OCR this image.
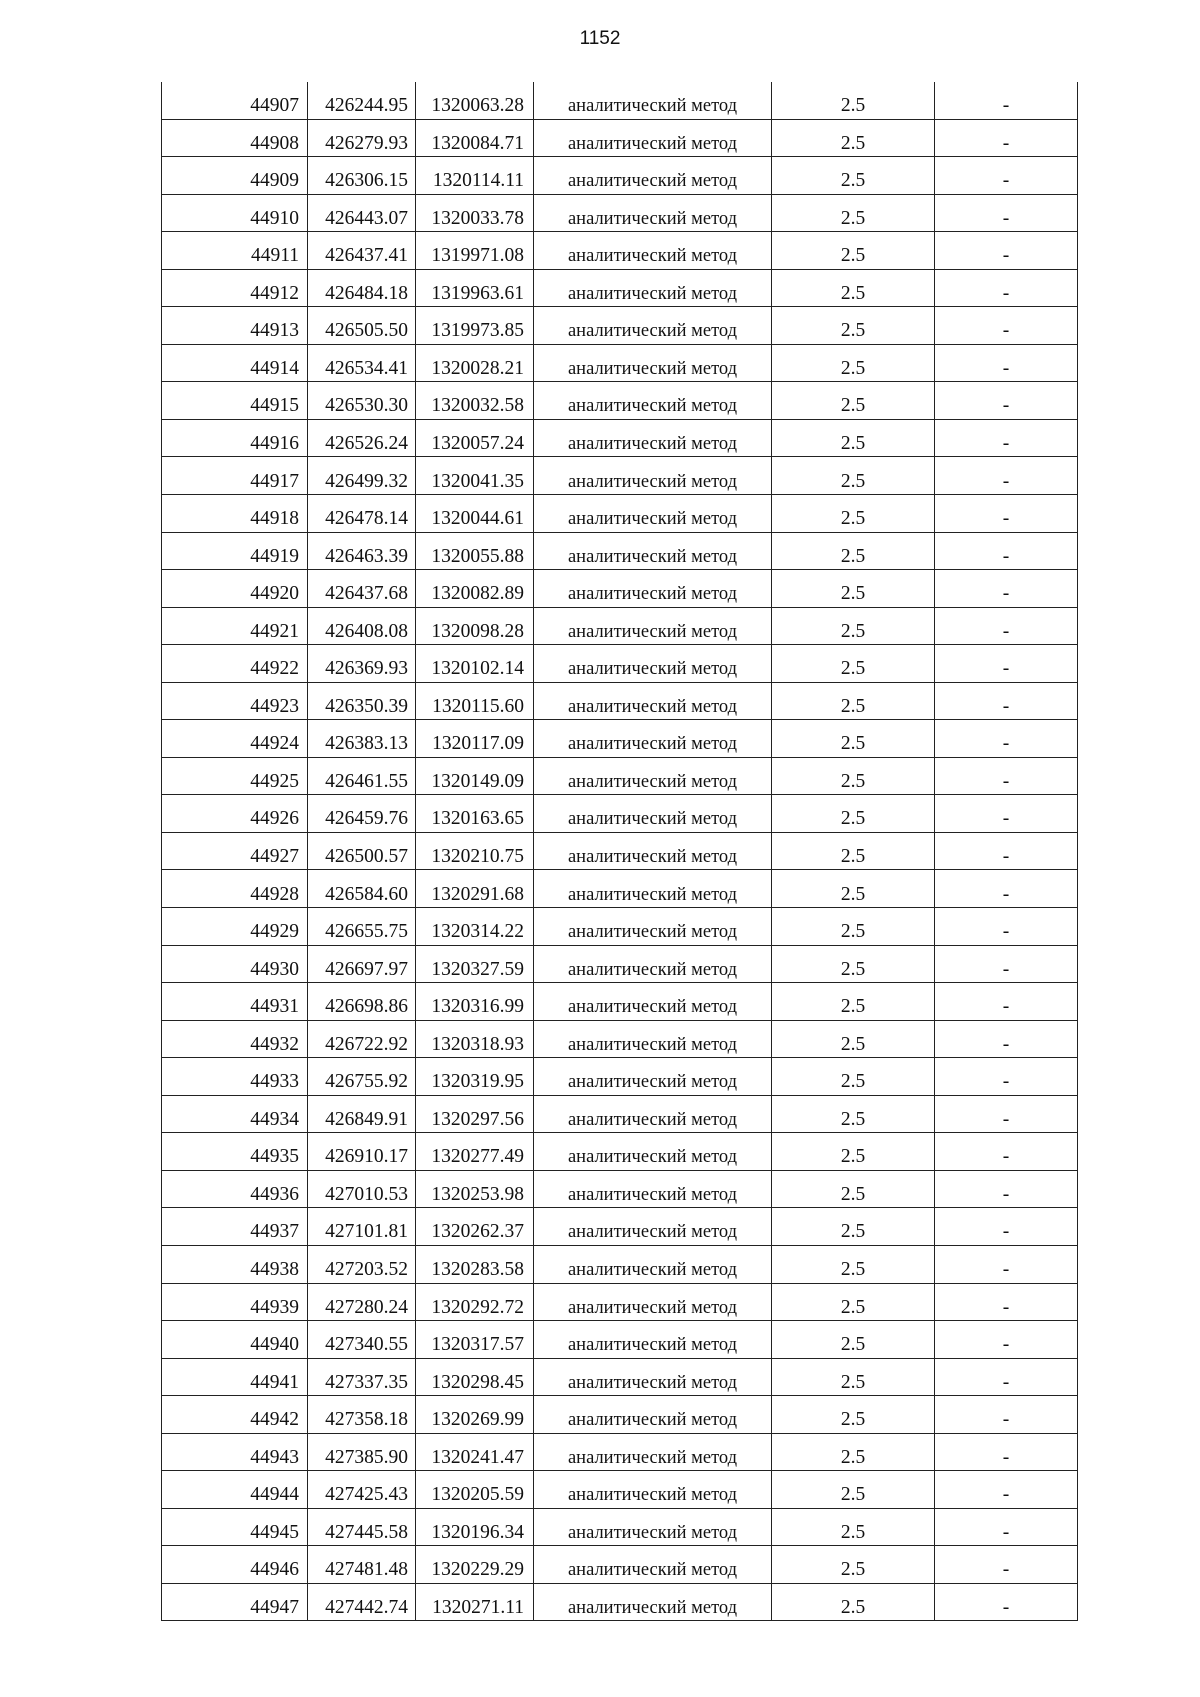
1152
44907	426244.95	1320063.28	аналитический метод	2.5	-
44908	426279.93	1320084.71	аналитический метод	2.5	-
44909	426306.15	1320114.11	аналитический метод	2.5	-
44910	426443.07	1320033.78	аналитический метод	2.5	-
44911	426437.41	1319971.08	аналитический метод	2.5	-
44912	426484.18	1319963.61	аналитический метод	2.5	-
44913	426505.50	1319973.85	аналитический метод	2.5	-
44914	426534.41	1320028.21	аналитический метод	2.5	-
44915	426530.30	1320032.58	аналитический метод	2.5	-
44916	426526.24	1320057.24	аналитический метод	2.5	-
44917	426499.32	1320041.35	аналитический метод	2.5	-
44918	426478.14	1320044.61	аналитический метод	2.5	-
44919	426463.39	1320055.88	аналитический метод	2.5	-
44920	426437.68	1320082.89	аналитический метод	2.5	-
44921	426408.08	1320098.28	аналитический метод	2.5	-
44922	426369.93	1320102.14	аналитический метод	2.5	-
44923	426350.39	1320115.60	аналитический метод	2.5	-
44924	426383.13	1320117.09	аналитический метод	2.5	-
44925	426461.55	1320149.09	аналитический метод	2.5	-
44926	426459.76	1320163.65	аналитический метод	2.5	-
44927	426500.57	1320210.75	аналитический метод	2.5	-
44928	426584.60	1320291.68	аналитический метод	2.5	-
44929	426655.75	1320314.22	аналитический метод	2.5	-
44930	426697.97	1320327.59	аналитический метод	2.5	-
44931	426698.86	1320316.99	аналитический метод	2.5	-
44932	426722.92	1320318.93	аналитический метод	2.5	-
44933	426755.92	1320319.95	аналитический метод	2.5	-
44934	426849.91	1320297.56	аналитический метод	2.5	-
44935	426910.17	1320277.49	аналитический метод	2.5	-
44936	427010.53	1320253.98	аналитический метод	2.5	-
44937	427101.81	1320262.37	аналитический метод	2.5	-
44938	427203.52	1320283.58	аналитический метод	2.5	-
44939	427280.24	1320292.72	аналитический метод	2.5	-
44940	427340.55	1320317.57	аналитический метод	2.5	-
44941	427337.35	1320298.45	аналитический метод	2.5	-
44942	427358.18	1320269.99	аналитический метод	2.5	-
44943	427385.90	1320241.47	аналитический метод	2.5	-
44944	427425.43	1320205.59	аналитический метод	2.5	-
44945	427445.58	1320196.34	аналитический метод	2.5	-
44946	427481.48	1320229.29	аналитический метод	2.5	-
44947	427442.74	1320271.11	аналитический метод	2.5	-
